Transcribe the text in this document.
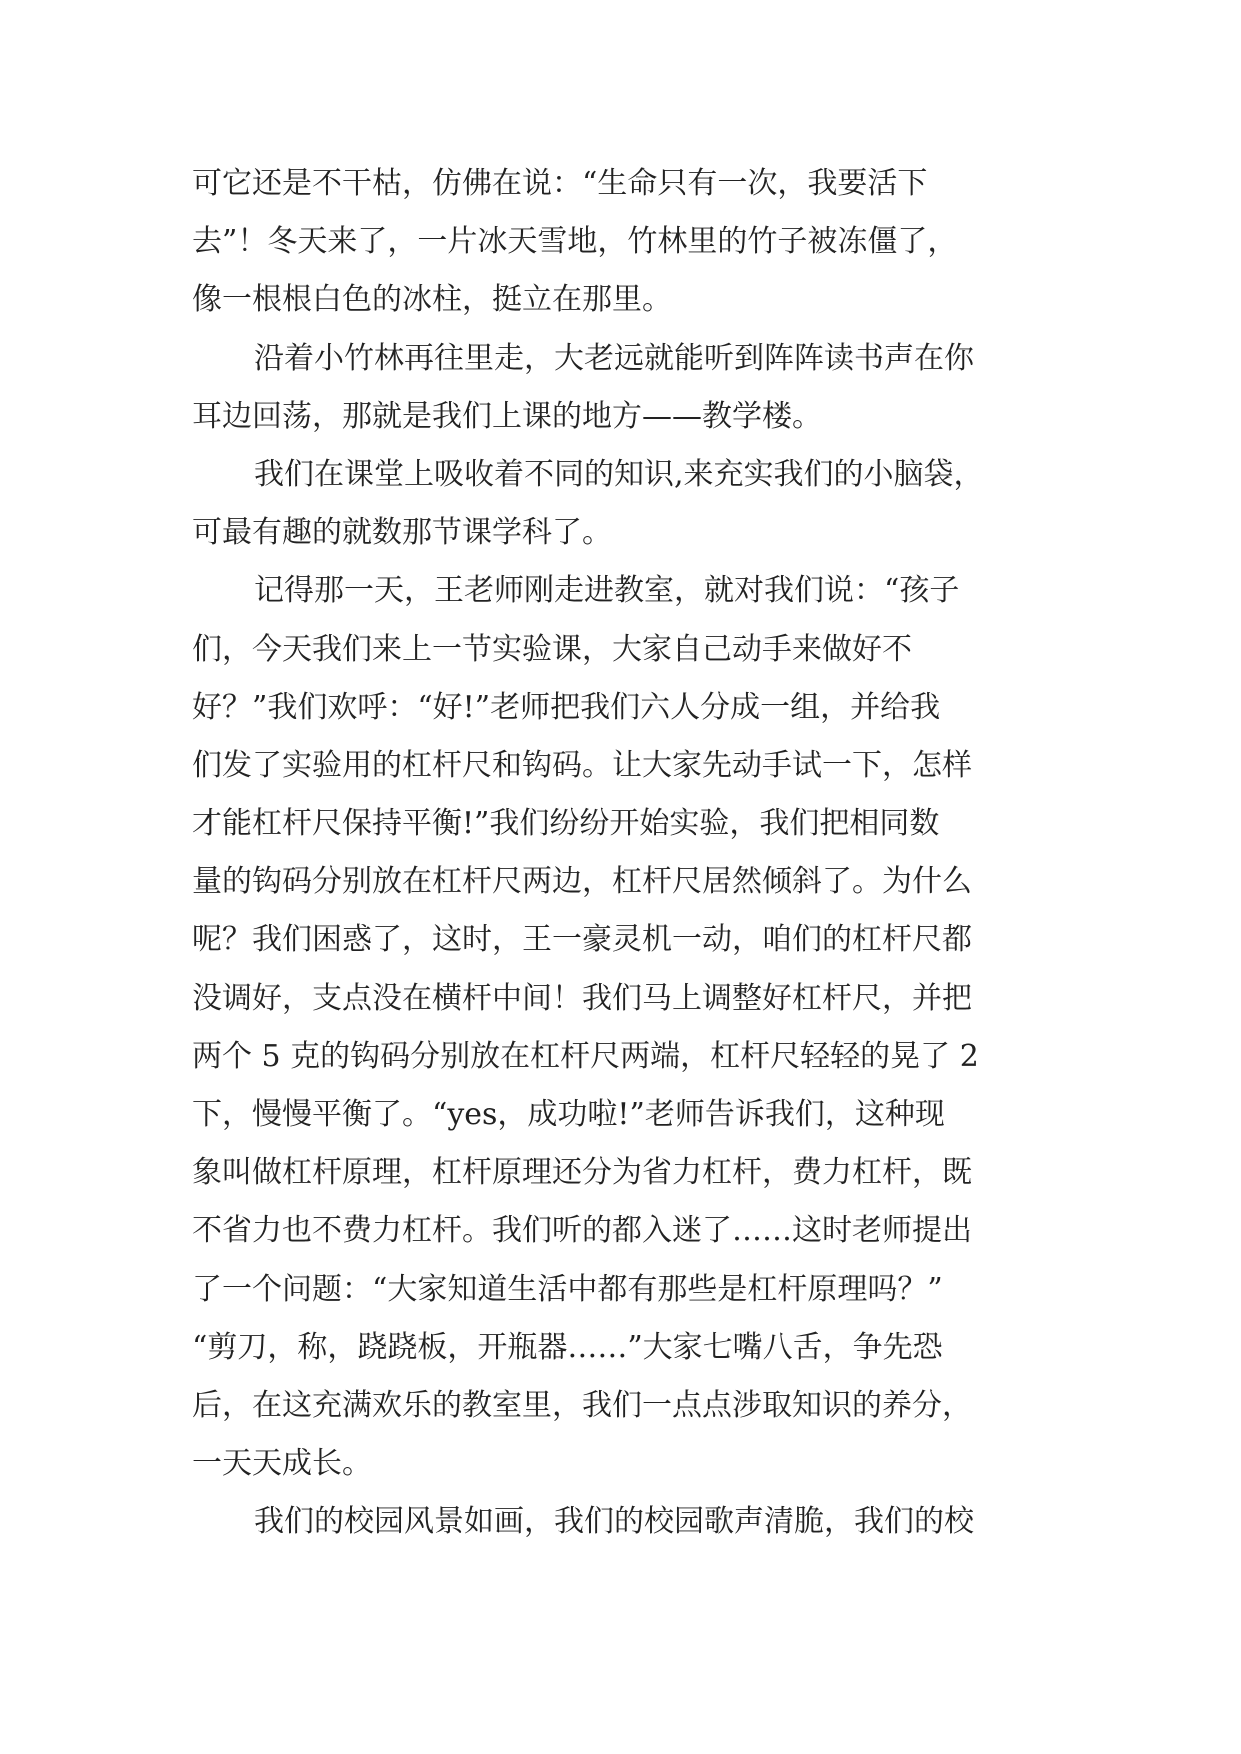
可它还是不干枯，仿佛在说：“生命只有一次，我要活下
去”！冬天来了，一片冰天雪地，竹林里的竹子被冻僵了，
像一根根白色的冰柱，挺立在那里。
沿着小竹林再往里走，大老远就能听到阵阵读书声在你
耳边回荡，那就是我们上课的地方——教学楼。
我们在课堂上吸收着不同的知识,来充实我们的小脑袋，
可最有趣的就数那节课学科了。
记得那一天，王老师刚走进教室，就对我们说：“孩子
们，今天我们来上一节实验课，大家自己动手来做好不
好？”我们欢呼：“好!”老师把我们六人分成一组，并给我
们发了实验用的杠杆尺和钩码。让大家先动手试一下，怎样
才能杠杆尺保持平衡!”我们纷纷开始实验，我们把相同数
量的钩码分别放在杠杆尺两边，杠杆尺居然倾斜了。为什么
呢？我们困惑了，这时，王一豪灵机一动，咱们的杠杆尺都
没调好，支点没在横杆中间！我们马上调整好杠杆尺，并把
两个 5 克的钩码分别放在杠杆尺两端，杠杆尺轻轻的晃了 2
下，慢慢平衡了。“yes，成功啦!”老师告诉我们，这种现
象叫做杠杆原理，杠杆原理还分为省力杠杆，费力杠杆，既
不省力也不费力杠杆。我们听的都入迷了……这时老师提出
了一个问题：“大家知道生活中都有那些是杠杆原理吗？”
“剪刀，称，跷跷板，开瓶器……”大家七嘴八舌，争先恐
后，在这充满欢乐的教室里，我们一点点涉取知识的养分，
一天天成长。
我们的校园风景如画，我们的校园歌声清脆，我们的校
